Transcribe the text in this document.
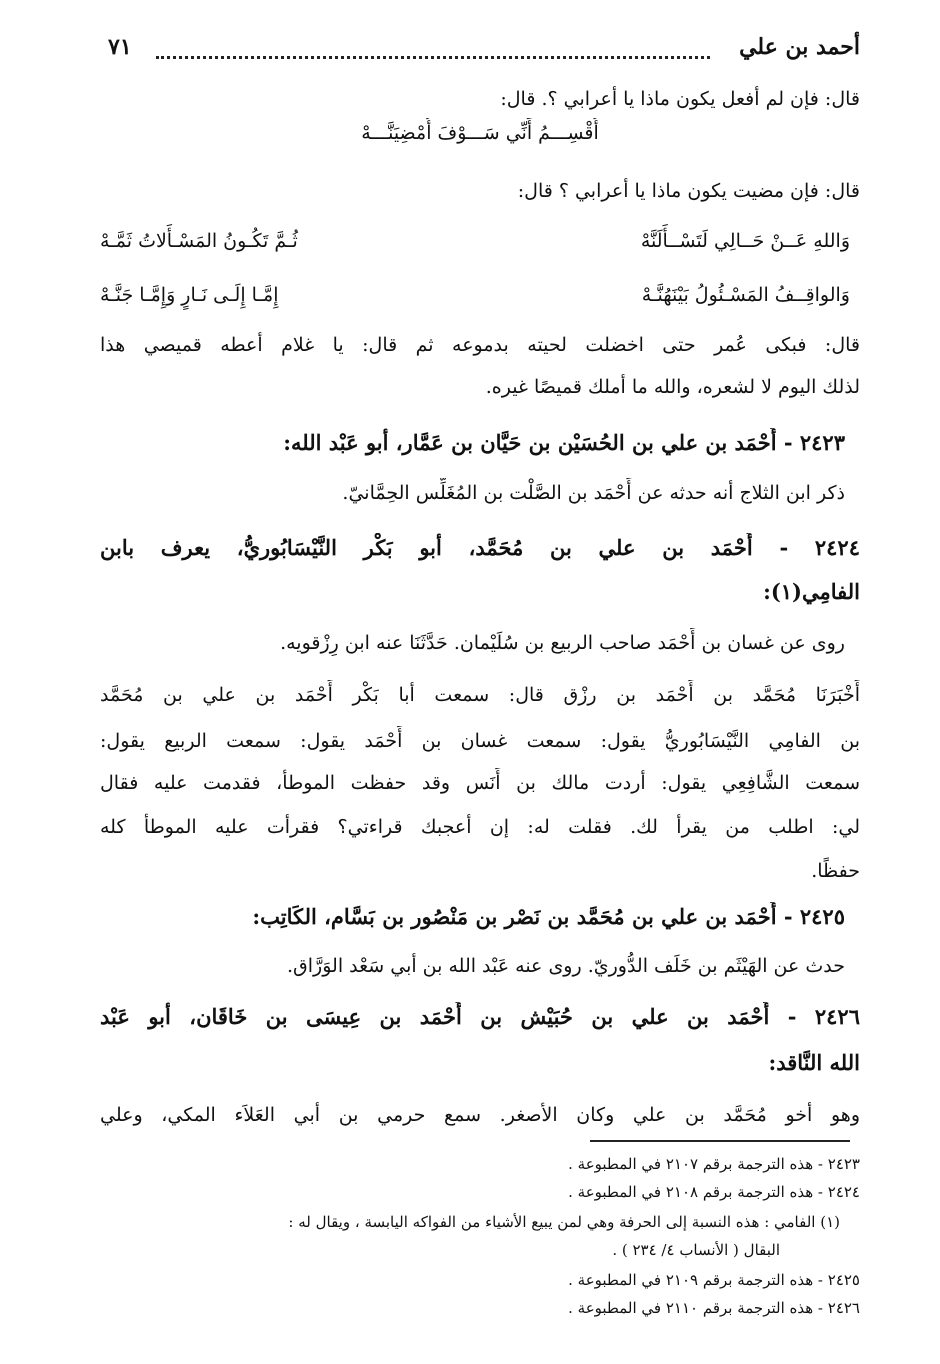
أحمد بن علي
٧١
قال: فإن لم أفعل يكون ماذا يا أعرابي ؟. قال:
أُقْسِـــمُ أَنِّي سَـــوْفَ أُمْضِيَنَّـــهْ
قال: فإن مضيت يكون ماذا يا أعرابي ؟ قال:
وَاللهِ عَــنْ حَــالِي لَتَسْــأَلَنَّهْ
ثُـمَّ تَكُـونُ المَسْـأَلاتُ ثَمَّـهْ
وَالواقِــفُ المَسْـئُولُ بَيْنَهُنَّـهْ
إِمَّـا إِلَـى نَـارٍ وَإِمَّـا جَنَّـهْ
قال: فبكى عُمر حتى اخضلت لحيته بدموعه ثم قال: يا غلام أعطه قميصي هذا
لذلك اليوم لا لشعره، والله ما أملك قميصًا غيره.
٢٤٢٣ - أَحْمَد بن علي بن الحُسَيْن بن حَيَّان بن عَمَّار، أبو عَبْد الله:
ذكر ابن الثلاج أنه حدثه عن أَحْمَد بن الصَّلْت بن المُغَلِّس الحِمَّانيّ.
٢٤٢٤ - أَحْمَد بن علي بن مُحَمَّد، أبو بَكْر النَّيْسَابُوريُّ، يعرف بابن
الفامِي(١):
روى عن غسان بن أَحْمَد صاحب الربيع بن سُلَيْمان. حَدَّثَنَا عنه ابن رِزْقويه.
أَخْبَرَنَا مُحَمَّد بن أَحْمَد بن رزْق قال: سمعت أبا بَكْر أَحْمَد بن علي بن مُحَمَّد
بن الفامِي النَّيْسَابُوريُّ يقول: سمعت غسان بن أَحْمَد يقول: سمعت الربيع يقول:
سمعت الشَّافِعِي يقول: أردت مالك بن أَنَس وقد حفظت الموطأ، فقدمت عليه فقال
لي: اطلب من يقرأ لك. فقلت له: إن أعجبك قراءتي؟ فقرأت عليه الموطأ كله
حفظًا.
٢٤٢٥ - أَحْمَد بن علي بن مُحَمَّد بن نَصْر بن مَنْصُور بن بَسَّام، الكَاتِب:
حدث عن الهَيْثَم بن خَلَف الدُّوريّ. روى عنه عَبْد الله بن أبي سَعْد الوَرَّاق.
٢٤٢٦ - أَحْمَد بن علي بن حُبَيْش بن أَحْمَد بن عِيسَى بن خَاقَان، أبو عَبْد
الله النَّاقد:
وهو أخو مُحَمَّد بن علي وكان الأصغر. سمع حرمي بن أبي العَلاَء المكي، وعلي
٢٤٢٣ - هذه الترجمة برقم ٢١٠٧ في المطبوعة .
٢٤٢٤ - هذه الترجمة برقم ٢١٠٨ في المطبوعة .
(١) الفامي : هذه النسبة إلى الحرفة وهي لمن يبيع الأشياء من الفواكه اليابسة ، ويقال له :
البقال ( الأنساب ٤/ ٢٣٤ ) .
٢٤٢٥ - هذه الترجمة برقم ٢١٠٩ في المطبوعة .
٢٤٢٦ - هذه الترجمة برقم ٢١١٠ في المطبوعة .
